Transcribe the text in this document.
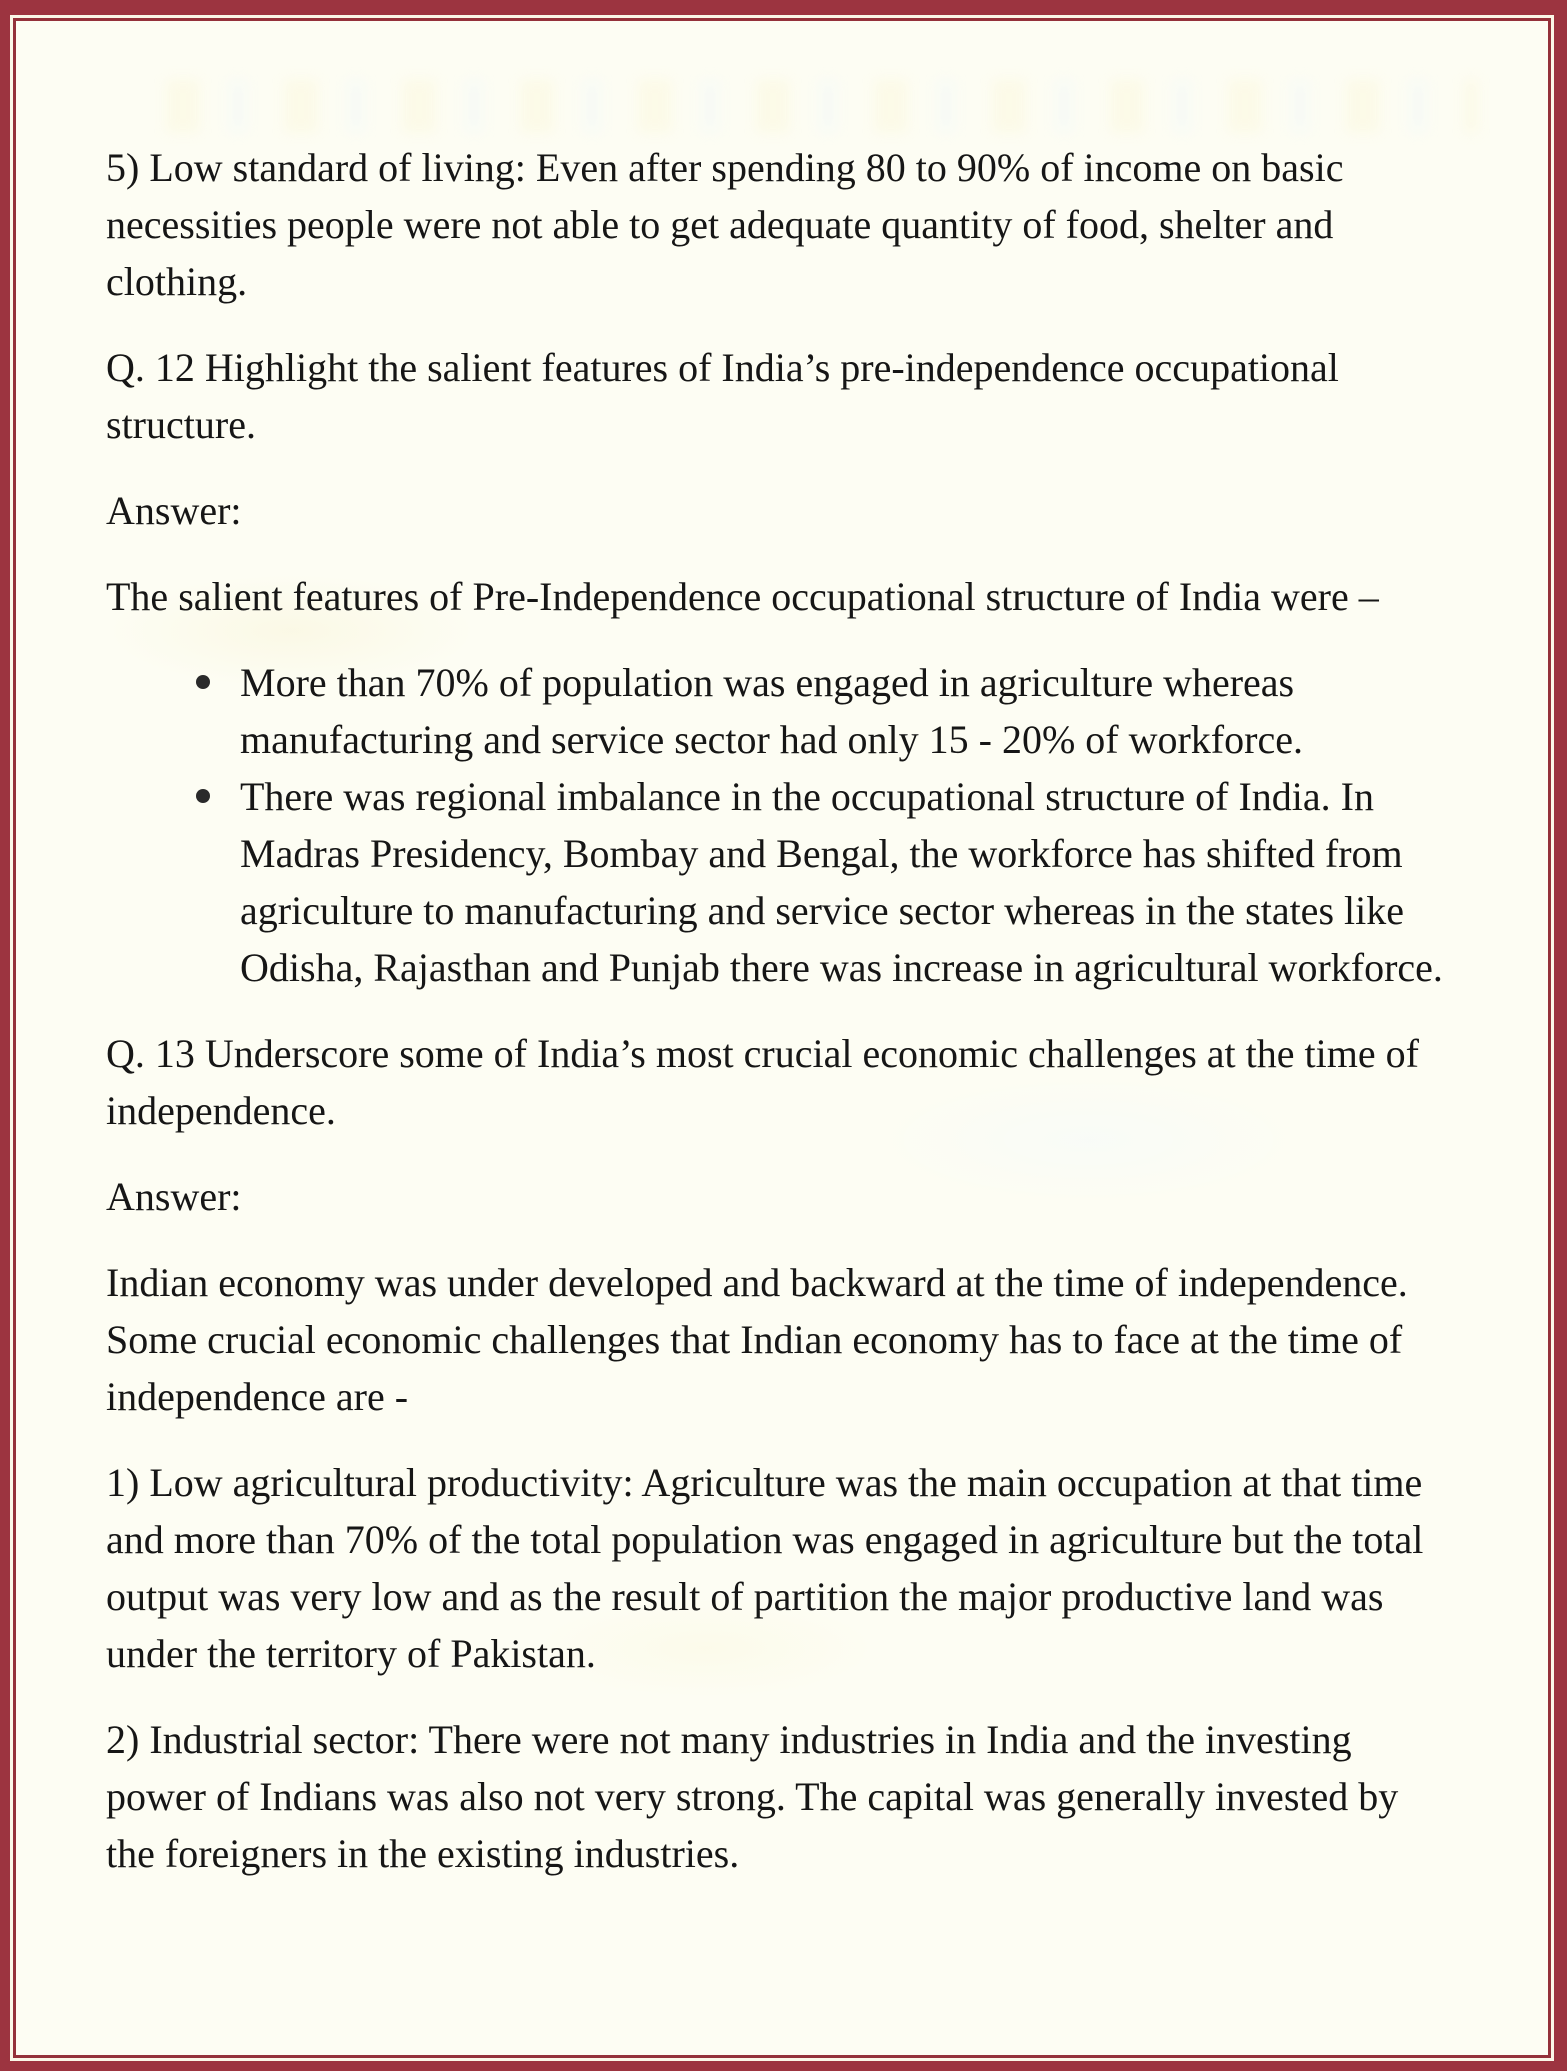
5) Low standard of living: Even after spending 80 to 90% of income on basic necessities people were not able to get adequate quantity of food, shelter and clothing.

Q. 12 Highlight the salient features of India’s pre-independence occupational structure.

Answer:

The salient features of Pre-Independence occupational structure of India were –

More than 70% of population was engaged in agriculture whereas manufacturing and service sector had only 15 - 20% of workforce.
There was regional imbalance in the occupational structure of India. In Madras Presidency, Bombay and Bengal, the workforce has shifted from agriculture to manufacturing and service sector whereas in the states like Odisha, Rajasthan and Punjab there was increase in agricultural workforce.

Q. 13 Underscore some of India’s most crucial economic challenges at the time of independence.

Answer:

Indian economy was under developed and backward at the time of independence. Some crucial economic challenges that Indian economy has to face at the time of independence are -

1) Low agricultural productivity: Agriculture was the main occupation at that time and more than 70% of the total population was engaged in agriculture but the total output was very low and as the result of partition the major productive land was under the territory of Pakistan.

2) Industrial sector: There were not many industries in India and the investing power of Indians was also not very strong. The capital was generally invested by the foreigners in the existing industries.
